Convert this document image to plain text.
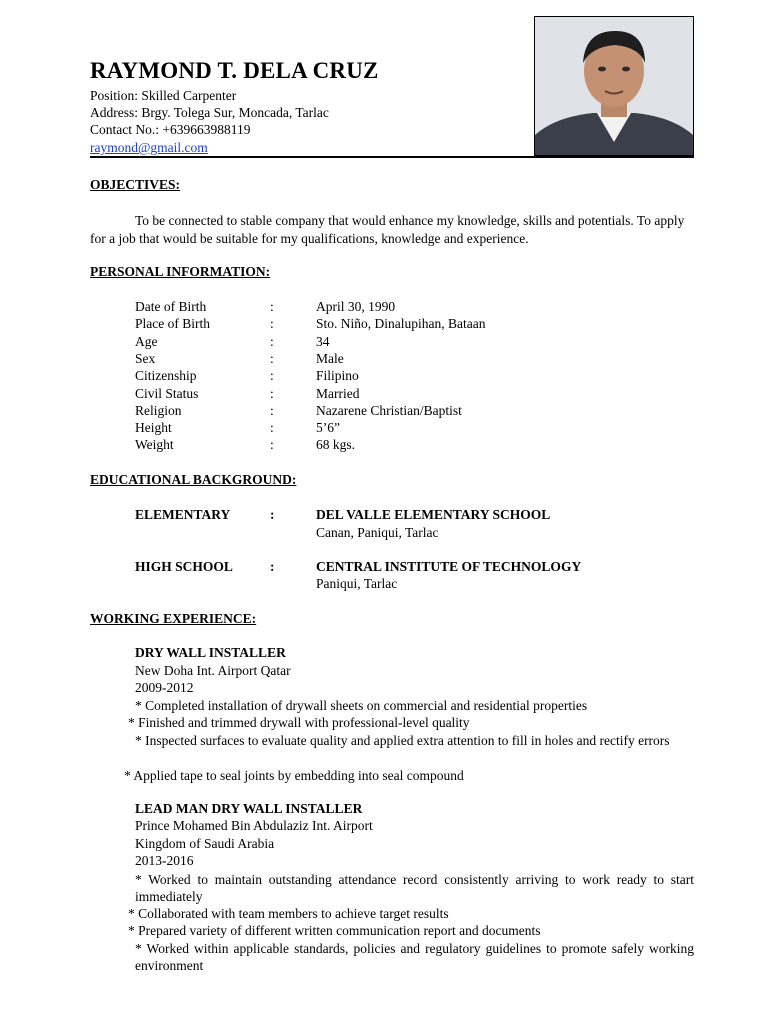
RAYMOND T. DELA CRUZ
Position: Skilled Carpenter
Address: Brgy. Tolega Sur, Moncada, Tarlac
Contact No.: +639663988119
raymond@gmail.com
OBJECTIVES:
To be connected to stable company that would enhance my knowledge, skills and potentials. To apply for a job that would be suitable for my qualifications, knowledge and experience.
PERSONAL INFORMATION:
Date of Birth	:	April 30, 1990
Place of Birth	:	Sto. Niño, Dinalupihan, Bataan
Age	:	34
Sex	:	Male
Citizenship	:	Filipino
Civil Status	:	Married
Religion	:	Nazarene Christian/Baptist
Height	:	5’6”
Weight	:	68 kgs.
EDUCATIONAL BACKGROUND:
ELEMENTARY	:	DEL VALLE ELEMENTARY SCHOOL
Canan, Paniqui, Tarlac
HIGH SCHOOL	:	CENTRAL INSTITUTE OF TECHNOLOGY
Paniqui, Tarlac
WORKING EXPERIENCE:
DRY WALL INSTALLER
New Doha Int. Airport Qatar
2009-2012
* Completed installation of drywall sheets on commercial and residential properties
* Finished and trimmed drywall with professional-level quality
* Inspected surfaces to evaluate quality and applied extra attention to fill in holes and rectify errors
* Applied tape to seal joints by embedding into seal compound
LEAD MAN DRY WALL INSTALLER
Prince Mohamed Bin Abdulaziz Int. Airport
Kingdom of Saudi Arabia
2013-2016
* Worked to maintain outstanding attendance record consistently arriving to work ready to start immediately
* Collaborated with team members to achieve target results
* Prepared variety of different written communication report and documents
* Worked within applicable standards, policies and regulatory guidelines to promote safely working environment
